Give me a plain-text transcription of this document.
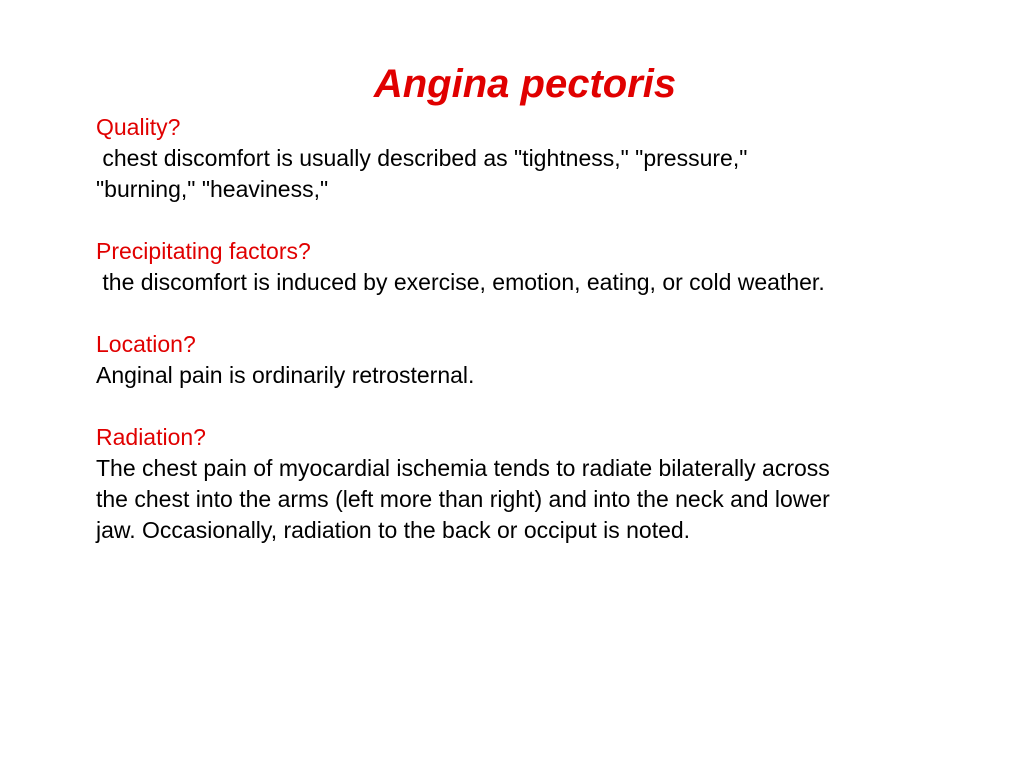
Angina pectoris
Quality?
chest discomfort is usually described as "tightness," "pressure,"
"burning," "heaviness,"
Precipitating factors?
the discomfort is induced by exercise, emotion, eating, or cold weather.
Location?
Anginal pain is ordinarily retrosternal.
Radiation?
The chest pain of myocardial ischemia tends to radiate bilaterally across
the chest into the arms (left more than right) and into the neck and lower
jaw. Occasionally, radiation to the back or occiput is noted.
